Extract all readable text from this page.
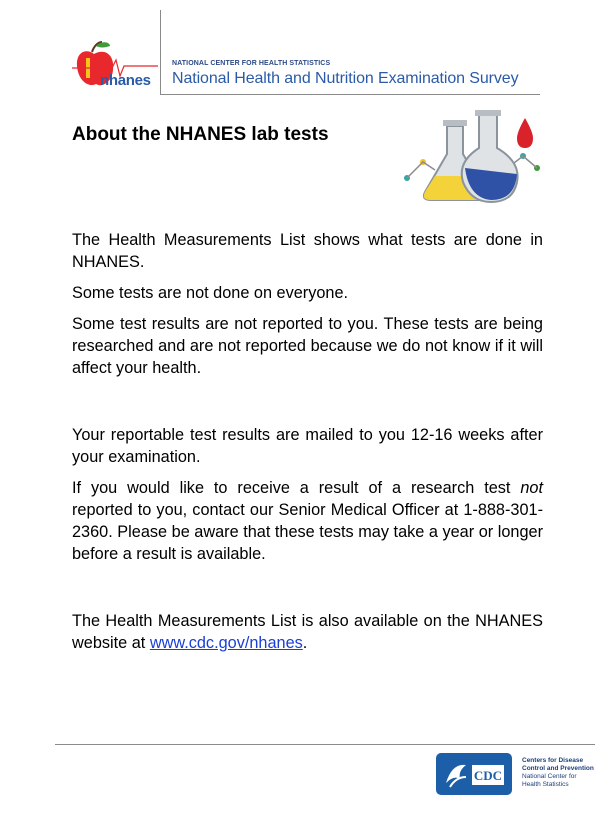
nhanes
NATIONAL CENTER FOR HEALTH STATISTICS
National Health and Nutrition Examination Survey
About the NHANES lab tests

The Health Measurements List shows what tests are done in NHANES.

Some tests are not done on everyone.

Some test results are not reported to you. These tests are being researched and are not reported because we do not know if it will affect your health.

Your reportable test results are mailed to you 12-16 weeks after your examination.

If you would like to receive a result of a research test not reported to you, contact our Senior Medical Officer at 1-888-301-2360. Please be aware that these tests may take a year or longer before a result is available.

The Health Measurements List is also available on the NHANES website at www.cdc.gov/nhanes.

CDC
Centers for Disease
Control and Prevention
National Center for
Health Statistics
